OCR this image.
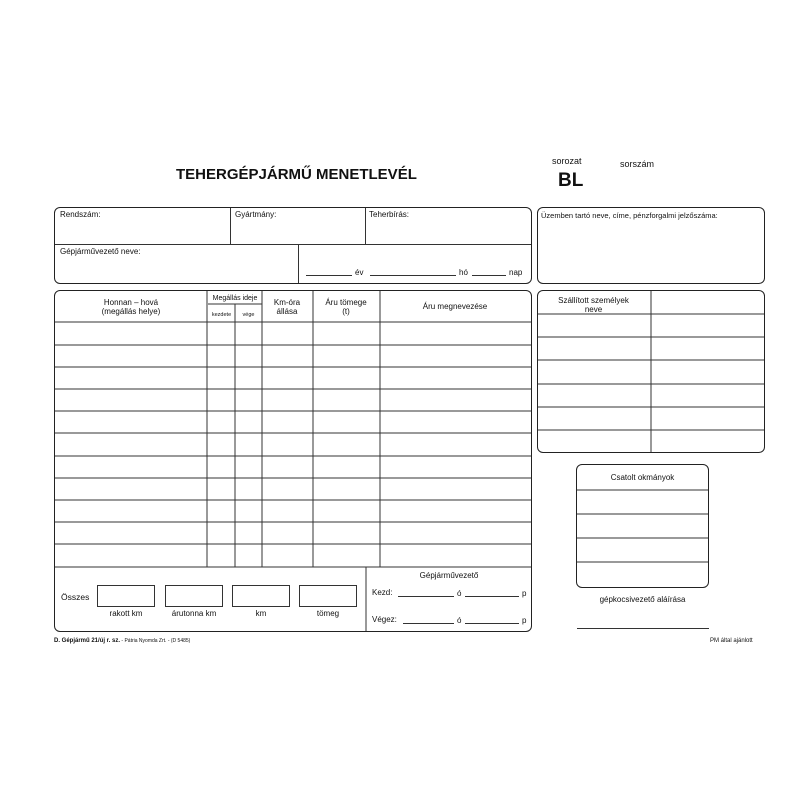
TEHERGÉPJÁRMŰ MENETLEVÉL
sorozat	sorszám
BL
Rendszám:	Gyártmány:	Teherbírás:
Gépjárművezető neve:
év	hó	nap
Üzemben tartó neve, címe, pénzforgalmi jelzőszáma:
Honnan – hová
(megállás helye)
Megállás ideje
kezdete	vége
Km-óra
állása
Áru tömege
(t)
Áru megnevezése
Összes
rakott km	árutonna km	km	tömeg
Gépjárművezető
Kezd:	ó	p
Végez:	ó	p
Szállított személyek
neve
Csatolt okmányok
gépkocsivezető aláírása
D. Gépjármű 21/új r. sz. - Pátria Nyomda Zrt. - (D 5485)	PM által ajánlott
